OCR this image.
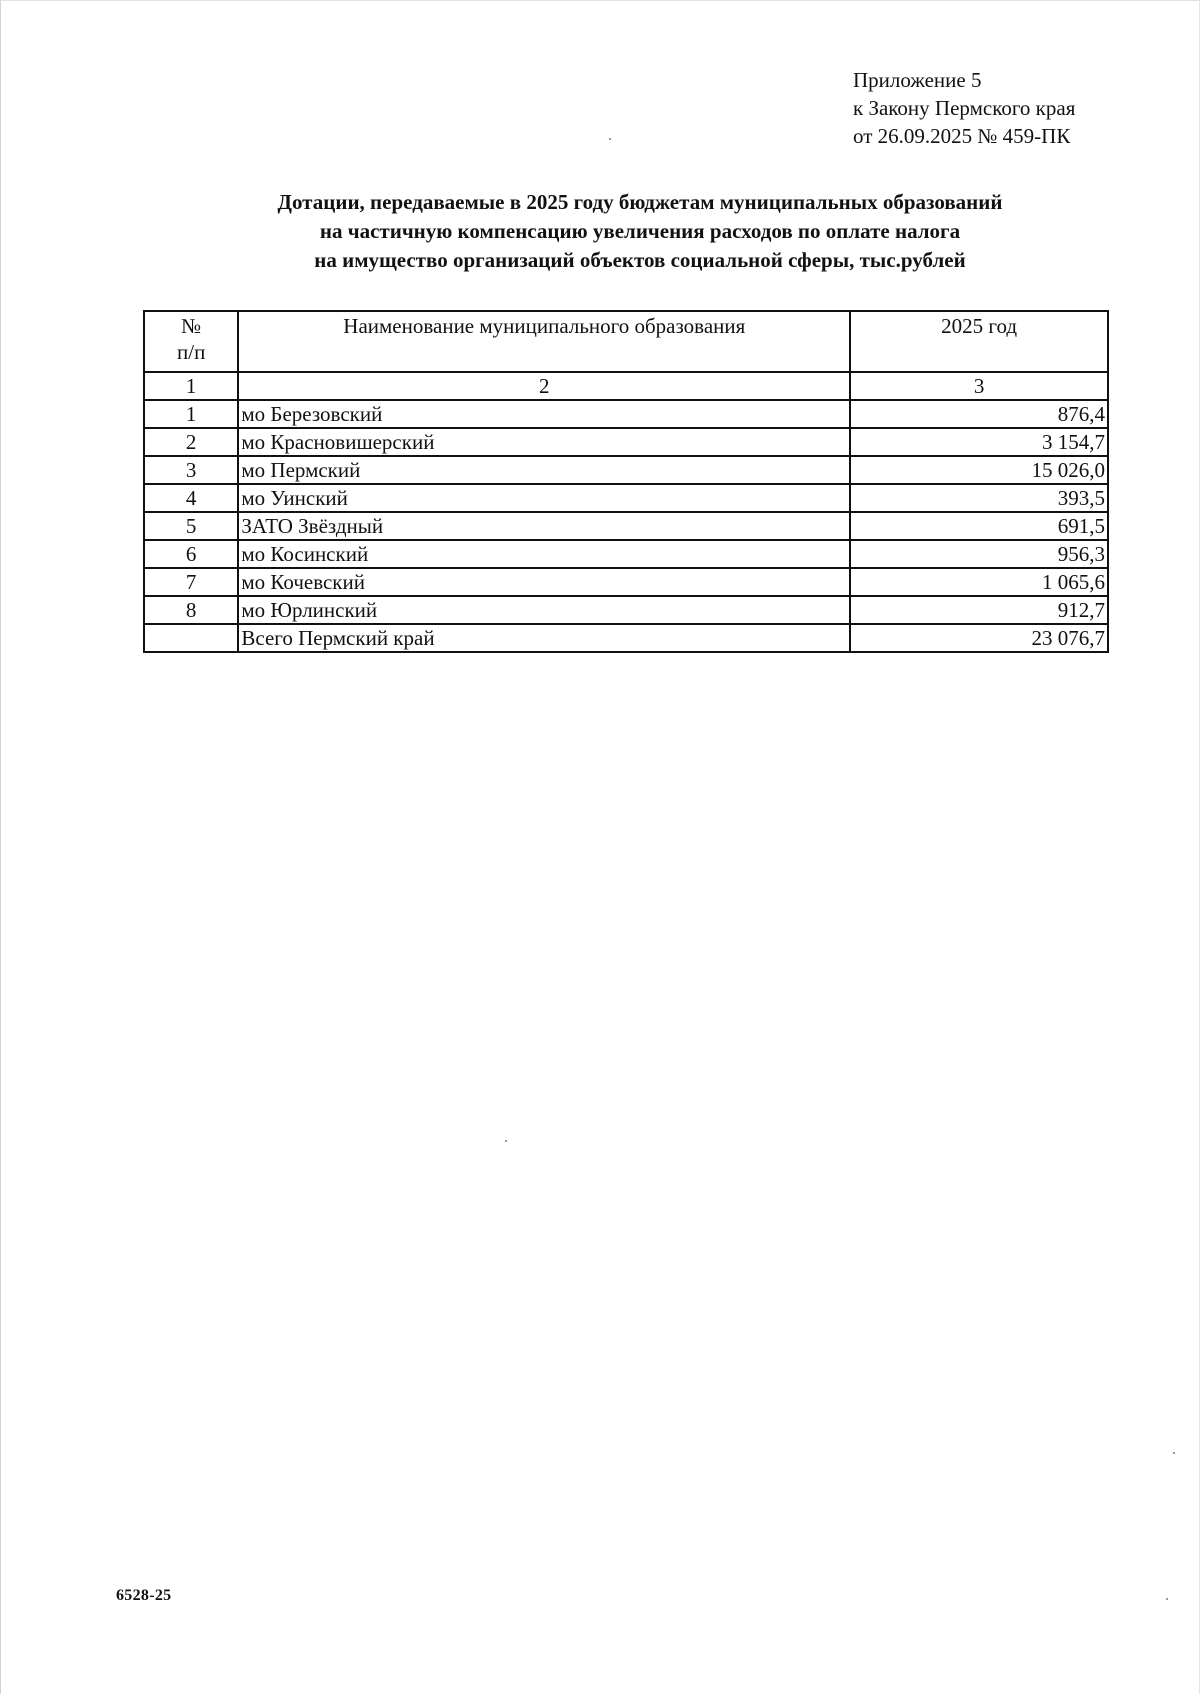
Приложение 5
к Закону Пермского края
от 26.09.2025 № 459-ПК
Дотации, передаваемые в 2025 году бюджетам муниципальных образований
на частичную компенсацию увеличения расходов по оплате налога
на имущество организаций объектов социальной сферы, тыс.рублей
№
п/п	Наименование муниципального образования	2025 год
1	2	3
1	мо Березовский	876,4
2	мо Красновишерский	3 154,7
3	мо Пермский	15 026,0
4	мо Уинский	393,5
5	ЗАТО Звёздный	691,5
6	мо Косинский	956,3
7	мо Кочевский	1 065,6
8	мо Юрлинский	912,7
	Всего Пермский край	23 076,7
6528-25
